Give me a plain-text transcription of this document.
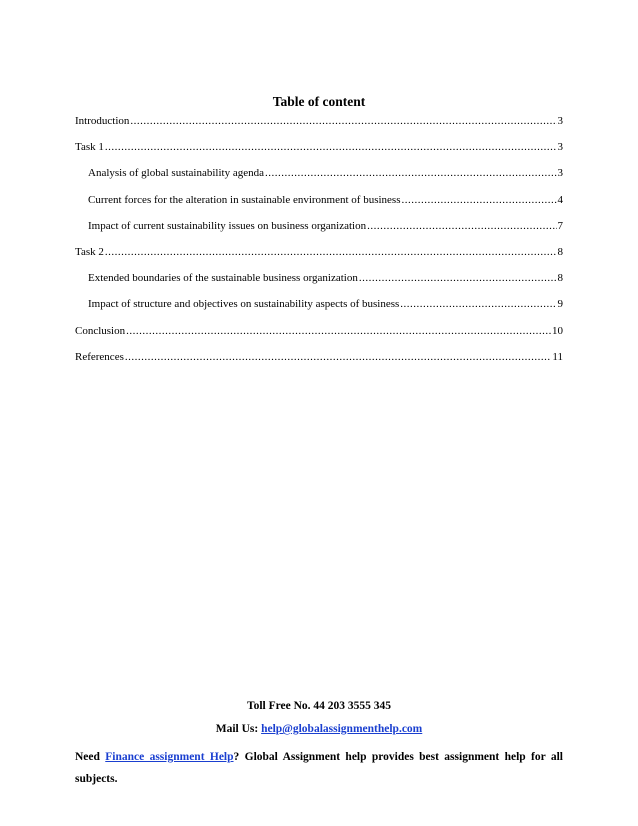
Table of content
Introduction .....	3
Task 1 .....	3
Analysis of global sustainability agenda .....	3
Current forces for the alteration in sustainable environment of business .....	4
Impact of current sustainability issues on business organization .....	7
Task 2 .....	8
Extended boundaries of the sustainable business organization .....	8
Impact of structure and objectives on sustainability aspects of business .....	9
Conclusion .....	10
References .....	11
Toll Free No. 44 203 3555 345
Mail Us: help@globalassignmenthelp.com
Need Finance assignment Help? Global Assignment help provides best assignment help for all subjects.
